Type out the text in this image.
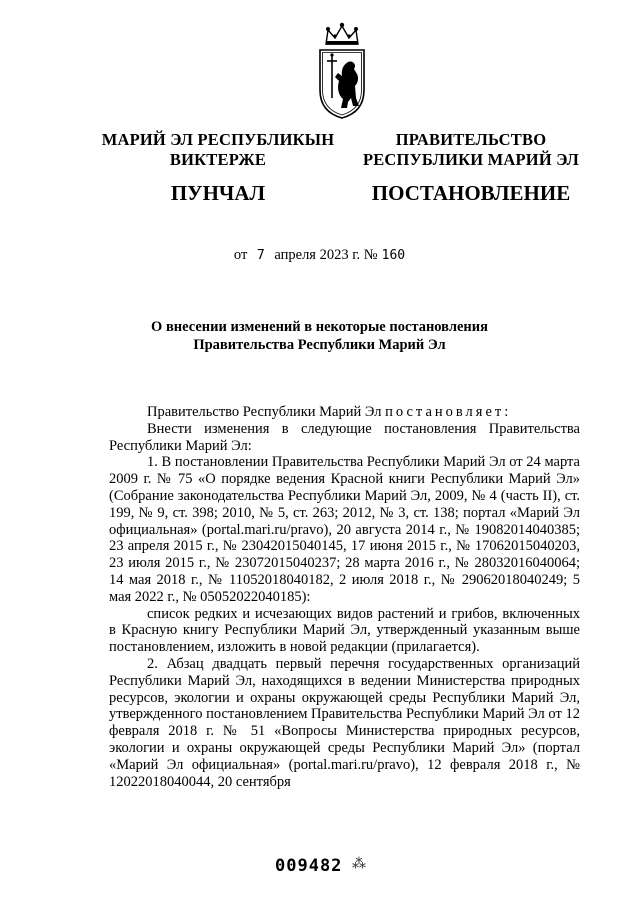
МАРИЙ ЭЛ РЕСПУБЛИКЫН
ВИКТЕРЖЕ
ПУНЧАЛ
ПРАВИТЕЛЬСТВО
РЕСПУБЛИКИ МАРИЙ ЭЛ
ПОСТАНОВЛЕНИЕ
от 7 апреля 2023 г. № 160
О внесении изменений в некоторые постановления
Правительства Республики Марий Эл

Правительство Республики Марий Эл постановляет:

Внести изменения в следующие постановления Правительства Республики Марий Эл:

1. В постановлении Правительства Республики Марий Эл от 24 марта 2009 г. № 75 «О порядке ведения Красной книги Республики Марий Эл» (Собрание законодательства Республики Марий Эл, 2009, № 4 (часть II), ст. 199, № 9, ст. 398; 2010, № 5, ст. 263; 2012, № 3, ст. 138; портал «Марий Эл официальная» (portal.mari.ru/pravo), 20 августа 2014 г., № 19082014040385; 23 апреля 2015 г., № 23042015040145, 17 июня 2015 г., № 17062015040203, 23 июля 2015 г., № 23072015040237; 28 марта 2016 г., № 28032016040064; 14 мая 2018 г., № 11052018040182, 2 июля 2018 г., № 29062018040249; 5 мая 2022 г., № 05052022040185):

список редких и исчезающих видов растений и грибов, включенных в Красную книгу Республики Марий Эл, утвержденный указанным выше постановлением, изложить в новой редакции (прилагается).

2. Абзац двадцать первый перечня государственных организаций Республики Марий Эл, находящихся в ведении Министерства природных ресурсов, экологии и охраны окружающей среды Республики Марий Эл, утвержденного постановлением Правительства Республики Марий Эл от 12 февраля 2018 г. № 51 «Вопросы Министерства природных ресурсов, экологии и охраны окружающей среды Республики Марий Эл» (портал «Марий Эл официальная» (portal.mari.ru/pravo), 12 февраля 2018 г., № 12022018040044, 20 сентября

009482 ⁂
